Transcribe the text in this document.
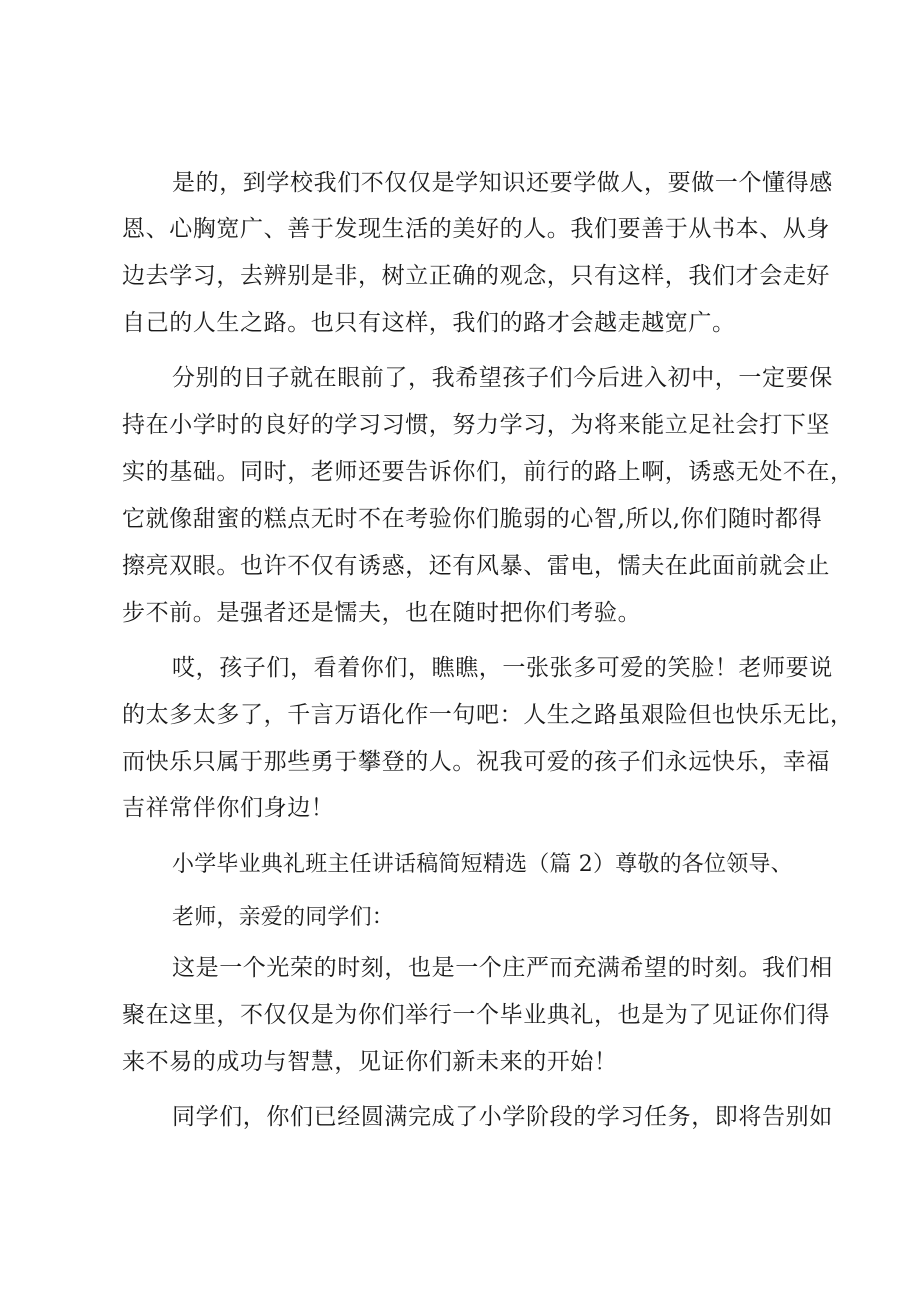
是的，到学校我们不仅仅是学知识还要学做人，要做一个懂得感

恩、心胸宽广、善于发现生活的美好的人。我们要善于从书本、从身

边去学习，去辨别是非，树立正确的观念，只有这样，我们才会走好

自己的人生之路。也只有这样，我们的路才会越走越宽广。

分别的日子就在眼前了，我希望孩子们今后进入初中，一定要保

持在小学时的良好的学习习惯，努力学习，为将来能立足社会打下坚

实的基础。同时，老师还要告诉你们，前行的路上啊，诱惑无处不在，

它就像甜蜜的糕点无时不在考验你们脆弱的心智,所以,你们随时都得

擦亮双眼。也许不仅有诱惑，还有风暴、雷电，懦夫在此面前就会止

步不前。是强者还是懦夫，也在随时把你们考验。

哎，孩子们，看着你们，瞧瞧，一张张多可爱的笑脸！老师要说

的太多太多了，千言万语化作一句吧：人生之路虽艰险但也快乐无比，

而快乐只属于那些勇于攀登的人。祝我可爱的孩子们永远快乐，幸福

吉祥常伴你们身边！

小学毕业典礼班主任讲话稿简短精选（篇 2）尊敬的各位领导、

老师，亲爱的同学们：

这是一个光荣的时刻，也是一个庄严而充满希望的时刻。我们相

聚在这里，不仅仅是为你们举行一个毕业典礼，也是为了见证你们得

来不易的成功与智慧，见证你们新未来的开始！

同学们，你们已经圆满完成了小学阶段的学习任务，即将告别如
